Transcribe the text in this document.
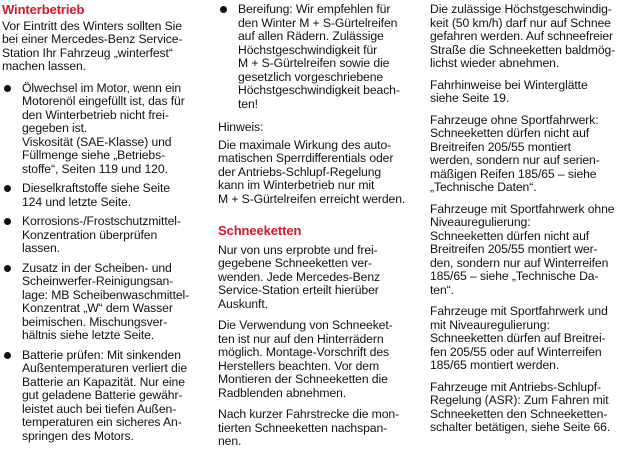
Winterbetrieb

Vor Eintritt des Winters sollten Sie
bei einer Mercedes-Benz Service-
Station Ihr Fahrzeug „winterfest“
machen lassen.

Ölwechsel im Motor, wenn ein
Motorenöl eingefüllt ist, das für
den Winterbetrieb nicht frei-
gegeben ist.
Viskosität (SAE-Klasse) und
Füllmenge siehe „Betriebs-
stoffe“, Seiten 119 und 120.
Dieselkraftstoffe siehe Seite
124 und letzte Seite.
Korrosions-/Frostschutzmittel-
Konzentration überprüfen
lassen.
Zusatz in der Scheiben- und
Scheinwerfer-Reinigungsan-
lage: MB Scheibenwaschmittel-
Konzentrat „W“ dem Wasser
beimischen. Mischungsver-
hältnis siehe letzte Seite.
Batterie prüfen: Mit sinkenden
Außentemperaturen verliert die
Batterie an Kapazität. Nur eine
gut geladene Batterie gewähr-
leistet auch bei tiefen Außen-
temperaturen ein sicheres An-
springen des Motors.
Bereifung: Wir empfehlen für
den Winter M + S-Gürtelreifen
auf allen Rädern. Zulässige
Höchstgeschwindigkeit für
M + S-Gürtelreifen sowie die
gesetzlich vorgeschriebene
Höchstgeschwindigkeit beach-
ten!

Hinweis:

Die maximale Wirkung des auto-
matischen Sperrdifferentials oder
der Antriebs-Schlupf-Regelung
kann im Winterbetrieb nur mit
M + S-Gürtelreifen erreicht werden.

Schneeketten

Nur von uns erprobte und frei-
gegebene Schneeketten ver-
wenden. Jede Mercedes-Benz
Service-Station erteilt hierüber
Auskunft.

Die Verwendung von Schneeket-
ten ist nur auf den Hinterrädern
möglich. Montage-Vorschrift des
Herstellers beachten. Vor dem
Montieren der Schneeketten die
Radblenden abnehmen.

Nach kurzer Fahrstrecke die mon-
tierten Schneeketten nachspan-
nen.

Die zulässige Höchstgeschwindig-
keit (50 km/h) darf nur auf Schnee
gefahren werden. Auf schneefreier
Straße die Schneeketten baldmög-
lichst wieder abnehmen.

Fahrhinweise bei Winterglätte
siehe Seite 19.

Fahrzeuge ohne Sportfahrwerk:
Schneeketten dürfen nicht auf
Breitreifen 205/55 montiert
werden, sondern nur auf serien-
mäßigen Reifen 185/65 – siehe
„Technische Daten“.

Fahrzeuge mit Sportfahrwerk ohne
Niveauregulierung:
Schneeketten dürfen nicht auf
Breitreifen 205/55 montiert wer-
den, sondern nur auf Winterreifen
185/65 – siehe „Technische Da-
ten“.

Fahrzeuge mit Sportfahrwerk und
mit Niveauregulierung:
Schneeketten dürfen auf Breitrei-
fen 205/55 oder auf Winterreifen
185/65 montiert werden.

Fahrzeuge mit Antriebs-Schlupf-
Regelung (ASR): Zum Fahren mit
Schneeketten den Schneeketten-
schalter betätigen, siehe Seite 66.
